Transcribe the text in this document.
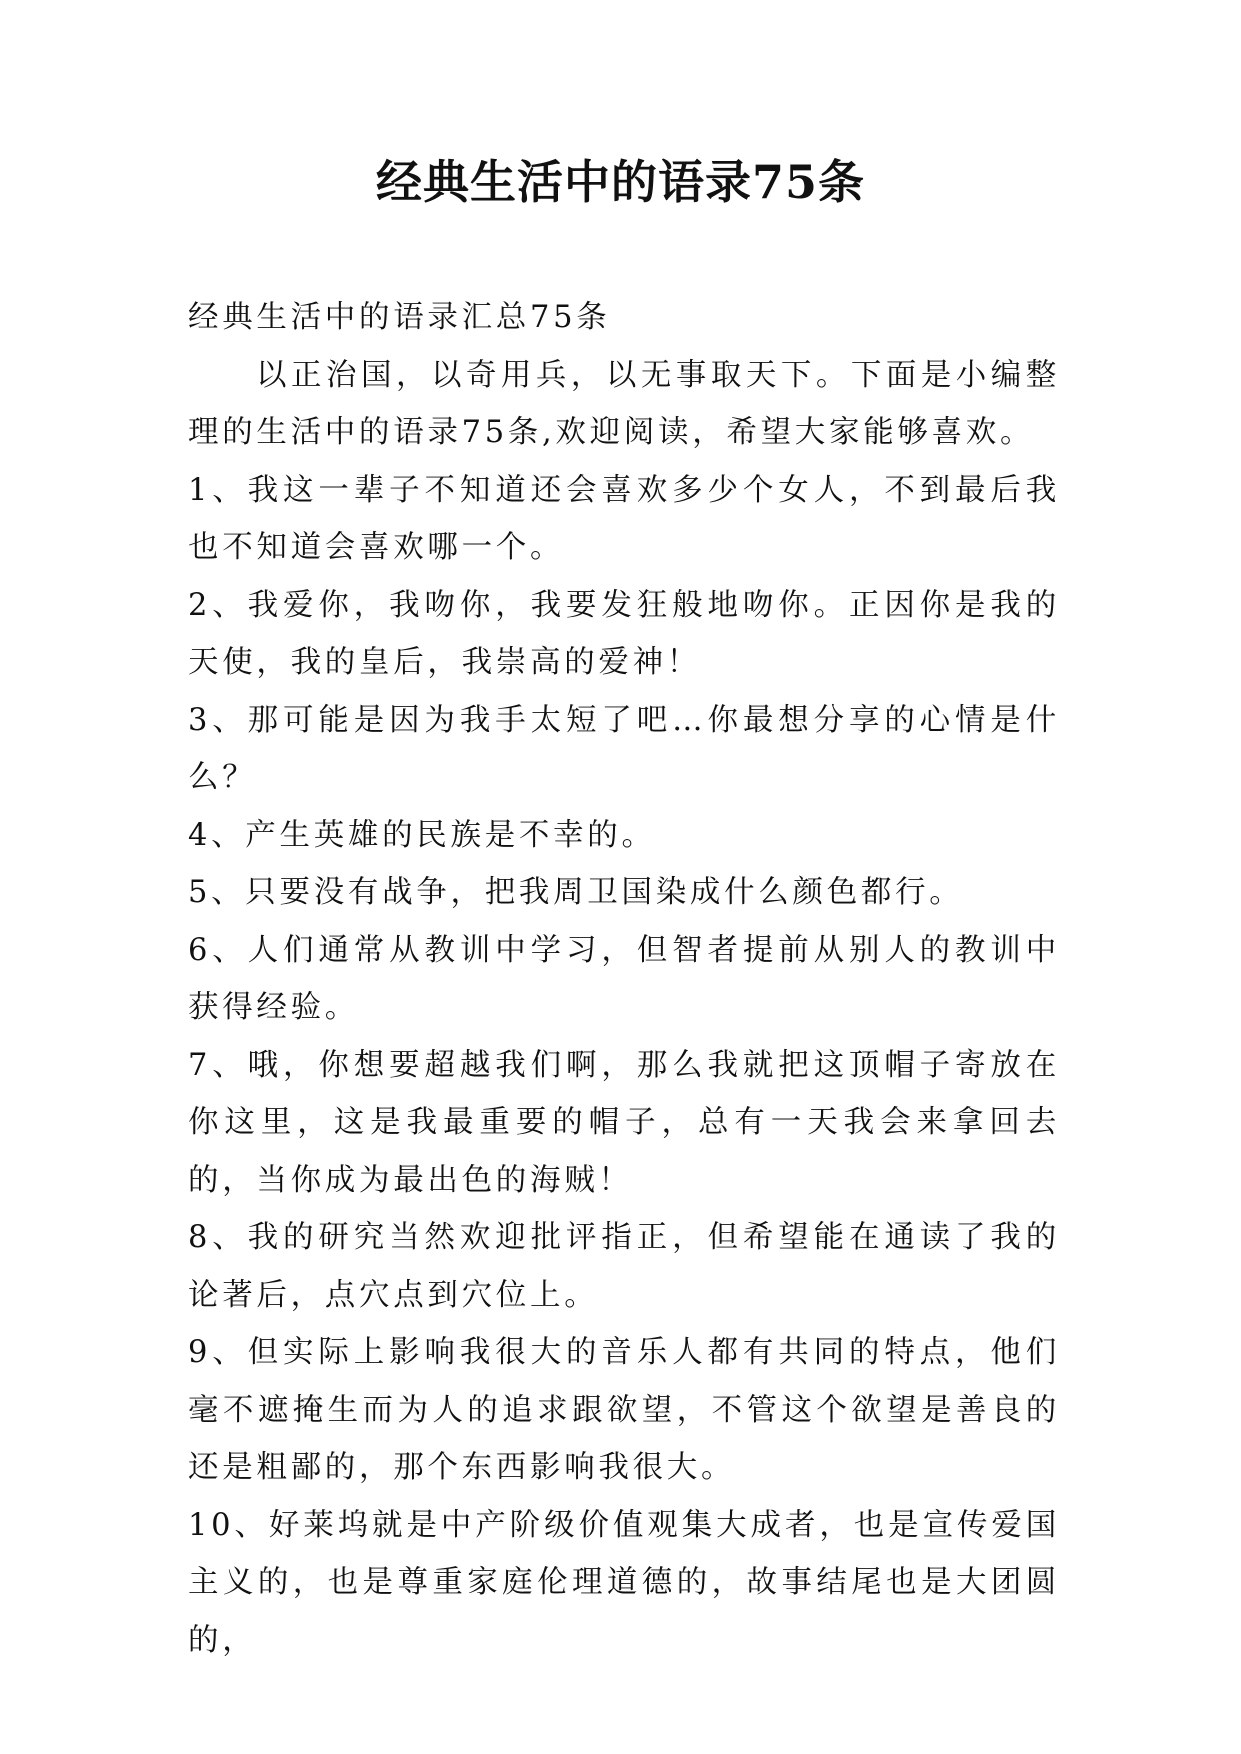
经典生活中的语录75条

经典生活中的语录汇总75条

以正治国，以奇用兵，以无事取天下。下面是小编整理的生活中的语录75条,欢迎阅读，希望大家能够喜欢。

1、我这一辈子不知道还会喜欢多少个女人，不到最后我也不知道会喜欢哪一个。

2、我爱你，我吻你，我要发狂般地吻你。正因你是我的天使，我的皇后，我崇高的爱神！

3、那可能是因为我手太短了吧…你最想分享的心情是什么？

4、产生英雄的民族是不幸的。

5、只要没有战争，把我周卫国染成什么颜色都行。

6、人们通常从教训中学习，但智者提前从别人的教训中获得经验。

7、哦，你想要超越我们啊，那么我就把这顶帽子寄放在你这里，这是我最重要的帽子，总有一天我会来拿回去的，当你成为最出色的海贼！

8、我的研究当然欢迎批评指正，但希望能在通读了我的论著后，点穴点到穴位上。

9、但实际上影响我很大的音乐人都有共同的特点，他们毫不遮掩生而为人的追求跟欲望，不管这个欲望是善良的还是粗鄙的，那个东西影响我很大。

10、好莱坞就是中产阶级价值观集大成者，也是宣传爱国主义的，也是尊重家庭伦理道德的，故事结尾也是大团圆的，
